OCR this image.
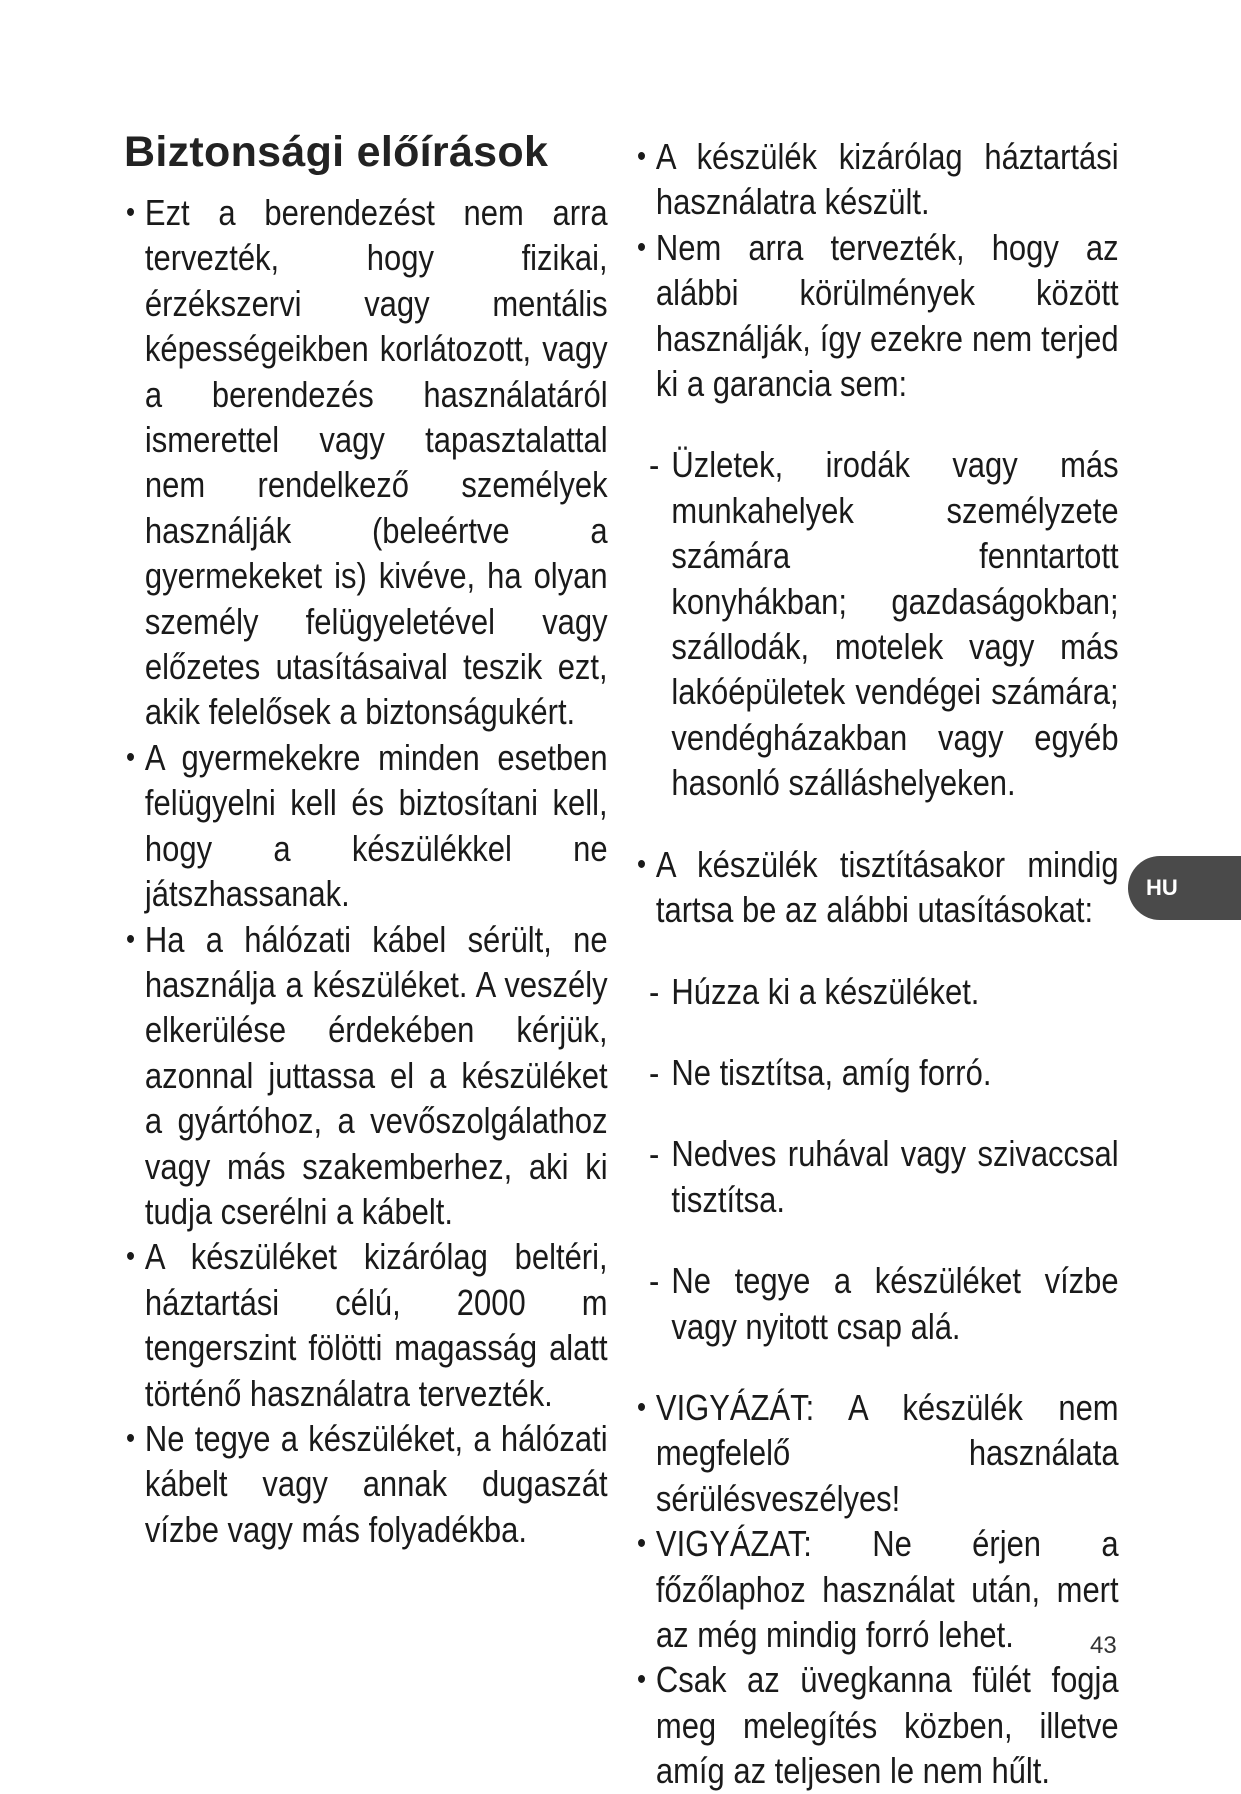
Biztonsági előírások

• Ezt a berendezést nem arra tervezték, hogy fizikai, érzékszervi vagy mentális képességeikben korlátozott, vagy a berendezés használatáról ismerettel vagy tapasztalattal nem rendelkező személyek használják (beleértve a gyermekeket is) kivéve, ha olyan személy felügyeletével vagy előzetes utasításaival teszik ezt, akik felelősek a biztonságukért.

• A gyermekekre minden esetben felügyelni kell és biztosítani kell, hogy a készülékkel ne játszhassanak.

• Ha a hálózati kábel sérült, ne használja a készüléket. A veszély elkerülése érdekében kérjük, azonnal juttassa el a készüléket a gyártóhoz, a vevőszolgálathoz vagy más szakemberhez, aki ki tudja cserélni a kábelt.

• A készüléket kizárólag beltéri, háztartási célú, 2000 m tengerszint fölötti magasság alatt történő használatra tervezték.

• Ne tegye a készüléket, a hálózati kábelt vagy annak dugaszát vízbe vagy más folyadékba.

• A készülék kizárólag háztartási használatra készült.

• Nem arra tervezték, hogy az alábbi körülmények között használják, így ezekre nem terjed ki a garancia sem:

- Üzletek, irodák vagy más munkahelyek személyzete számára fenntartott konyhákban; gazdaságokban; szállodák, motelek vagy más lakóépületek vendégei számára; vendégházakban vagy egyéb hasonló szálláshelyeken.

• A készülék tisztításakor mindig tartsa be az alábbi utasításokat:

- Húzza ki a készüléket.

- Ne tisztítsa, amíg forró.

- Nedves ruhával vagy szivaccsal tisztítsa.

- Ne tegye a készüléket vízbe vagy nyitott csap alá.

• VIGYÁZÁT: A készülék nem megfelelő használata sérülésveszélyes!

• VIGYÁZAT: Ne érjen a főzőlaphoz használat után, mert az még mindig forró lehet.

• Csak az üvegkanna fülét fogja meg melegítés közben, illetve amíg az teljesen le nem hűlt.

HU
43
